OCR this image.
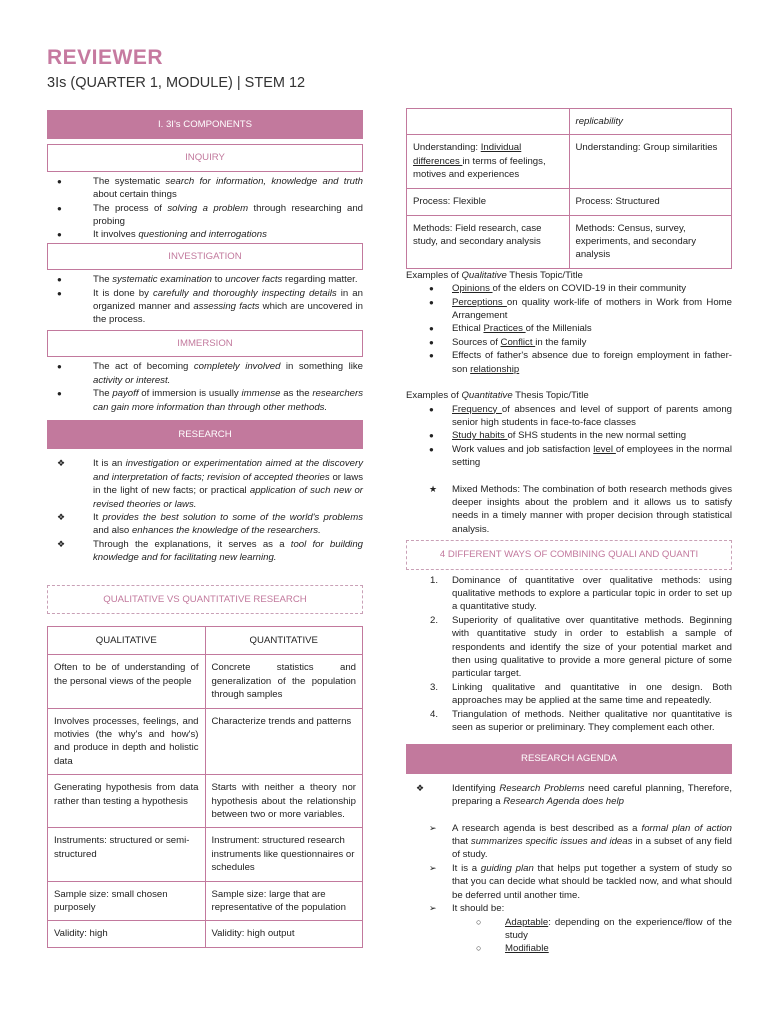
REVIEWER
3Is (QUARTER 1, MODULE) | STEM 12
I. 3I's COMPONENTS
INQUIRY
● The systematic search for information, knowledge and truth about certain things
● The process of solving a problem through researching and probing
● It involves questioning and interrogations
INVESTIGATION
● The systematic examination to uncover facts regarding matter.
● It is done by carefully and thoroughly inspecting details in an organized manner and assessing facts which are uncovered in the process.
IMMERSION
● The act of becoming completely involved in something like activity or interest.
● The payoff of immersion is usually immense as the researchers can gain more information than through other methods.
RESEARCH
❖ It is an investigation or experimentation aimed at the discovery and interpretation of facts; revision of accepted theories or laws in the light of new facts; or practical application of such new or revised theories or laws.
❖ It provides the best solution to some of the world's problems and also enhances the knowledge of the researchers.
❖ Through the explanations, it serves as a tool for building knowledge and for facilitating new learning.
QUALITATIVE VS QUANTITATIVE RESEARCH
QUALITATIVE	QUANTITATIVE
Often to be of understanding of the personal views of the people	Concrete statistics and generalization of the population through samples
Involves processes, feelings, and motivies (the why's and how's) and produce in depth and holistic data	Characterize trends and patterns
Generating hypothesis from data rather than testing a hypothesis	Starts with neither a theory nor hypothesis about the relationship between two or more variables.
Instruments: structured or semi-structured	Instrument: structured research instruments like questionnaires or schedules
Sample size: small chosen purposely	Sample size: large that are representative of the population
Validity: high	Validity: high output
	replicability
Understanding: Individual differences in terms of feelings, motives and experiences	Understanding: Group similarities
Process: Flexible	Process: Structured
Methods: Field research, case study, and secondary analysis	Methods: Census, survey, experiments, and secondary analysis
Examples of Qualitative Thesis Topic/Title
● Opinions of the elders on COVID-19 in their community
● Perceptions on quality work-life of mothers in Work from Home Arrangement
● Ethical Practices of the Millenials
● Sources of Conflict in the family
● Effects of father's absence due to foreign employment in father-son relationship
Examples of Quantitative Thesis Topic/Title
● Frequency of absences and level of support of parents among senior high students in face-to-face classes
● Study habits of SHS students in the new normal setting
● Work values and job satisfaction level of employees in the normal setting
★ Mixed Methods: The combination of both research methods gives deeper insights about the problem and it allows us to satisfy needs in a timely manner with proper decision through statistical analysis.
4 DIFFERENT WAYS OF COMBINING QUALI AND QUANTI
1. Dominance of quantitative over qualitative methods: using qualitative methods to explore a particular topic in order to set up a quantitative study.
2. Superiority of qualitative over quantitative methods. Beginning with quantitative study in order to establish a sample of respondents and identify the size of your potential market and then using qualitative to provide a more general picture of some particular target.
3. Linking qualitative and quantitative in one design. Both approaches may be applied at the same time and repeatedly.
4. Triangulation of methods. Neither qualitative nor quantitative is seen as superior or preliminary. They complement each other.
RESEARCH AGENDA
❖ Identifying Research Problems need careful planning, Therefore, preparing a Research Agenda does help
➢ A research agenda is best described as a formal plan of action that summarizes specific issues and ideas in a subset of any field of study.
➢ It is a guiding plan that helps put together a system of study so that you can decide what should be tackled now, and what should be deferred until another time.
➢ It should be:
○ Adaptable: depending on the experience/flow of the study
○ Modifiable
